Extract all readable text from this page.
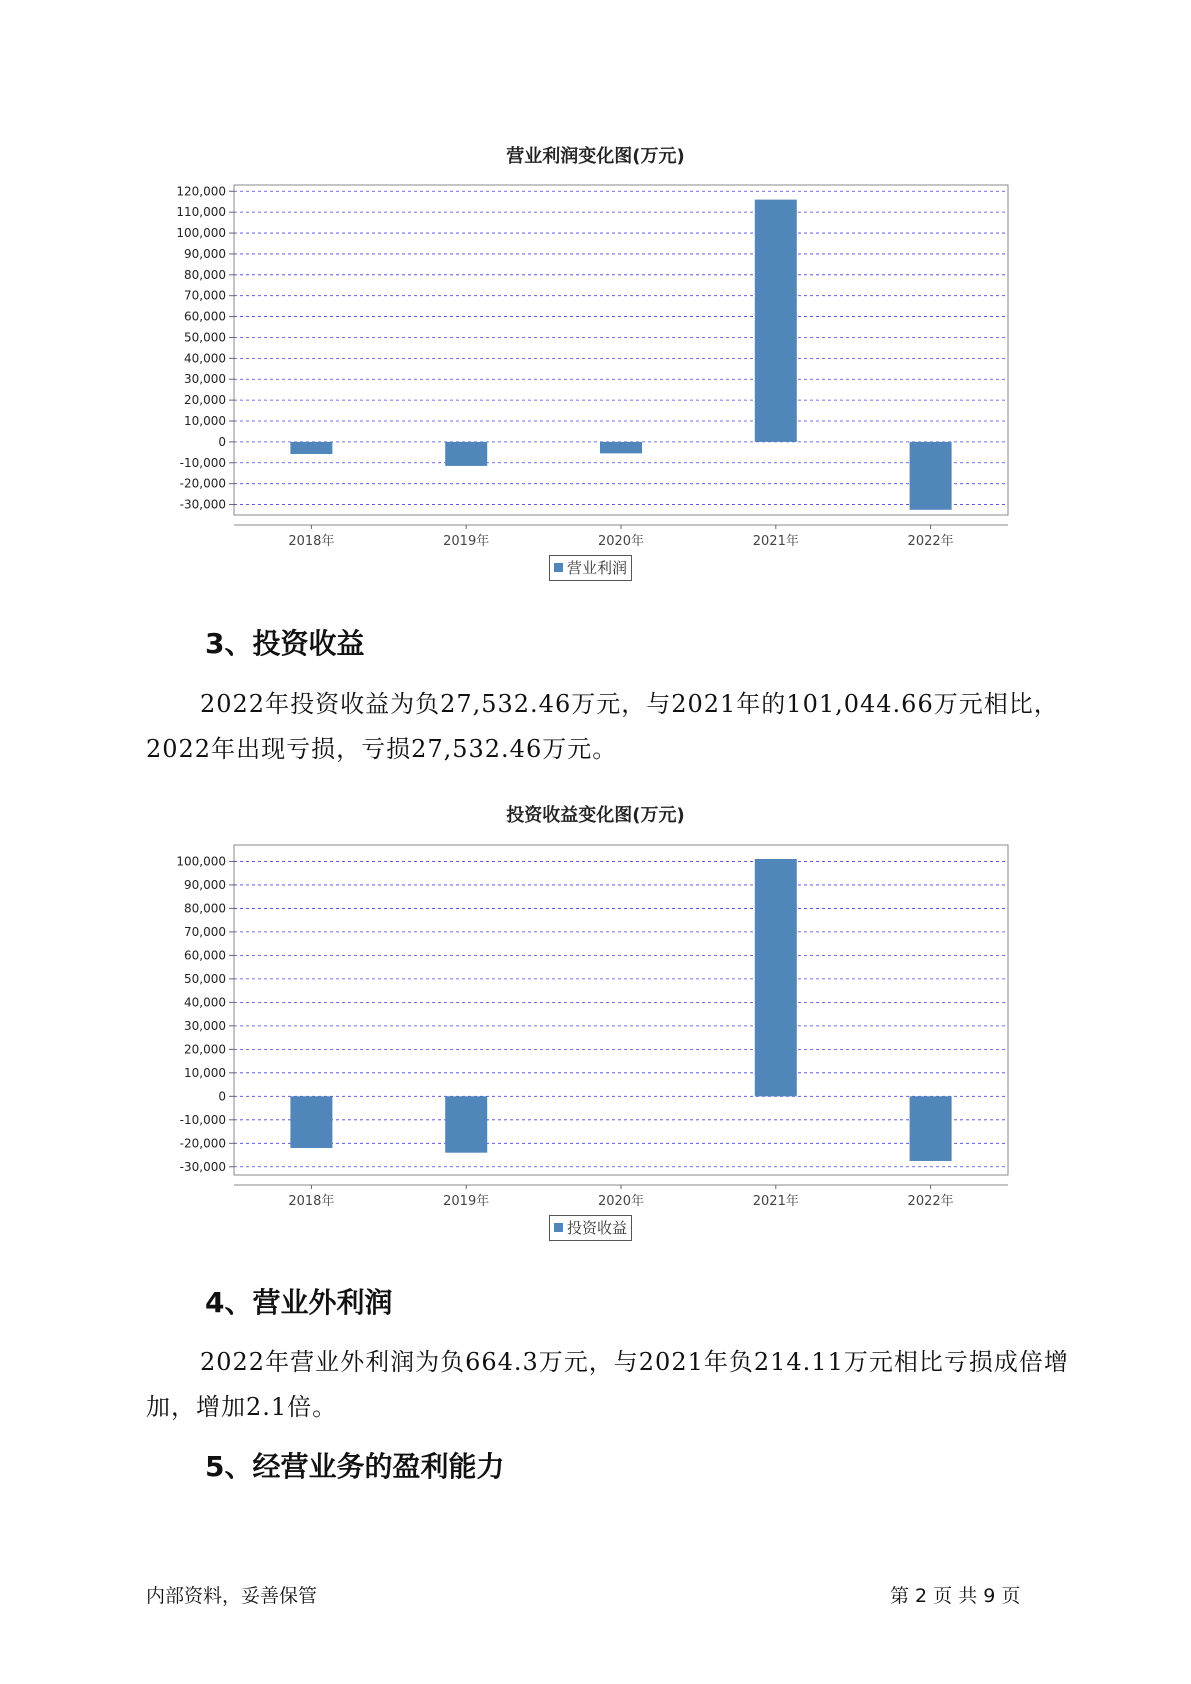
营业利润变化图(万元)
-30,000
-20,000
-10,000
0
10,000
20,000
30,000
40,000
50,000
60,000
70,000
80,000
90,000
100,000
110,000
120,000
2018年	2019年	2020年	2021年	2022年
营业利润
3、投资收益
2022年投资收益为负27,532.46万元，与2021年的101,044.66万元相比，2022年出现亏损，亏损27,532.46万元。
投资收益变化图(万元)
-30,000
-20,000
-10,000
0
10,000
20,000
30,000
40,000
50,000
60,000
70,000
80,000
90,000
100,000
2018年	2019年	2020年	2021年	2022年
投资收益
4、营业外利润
2022年营业外利润为负664.3万元，与2021年负214.11万元相比亏损成倍增加，增加2.1倍。
5、经营业务的盈利能力
内部资料，妥善保管	第 2 页 共 9 页
